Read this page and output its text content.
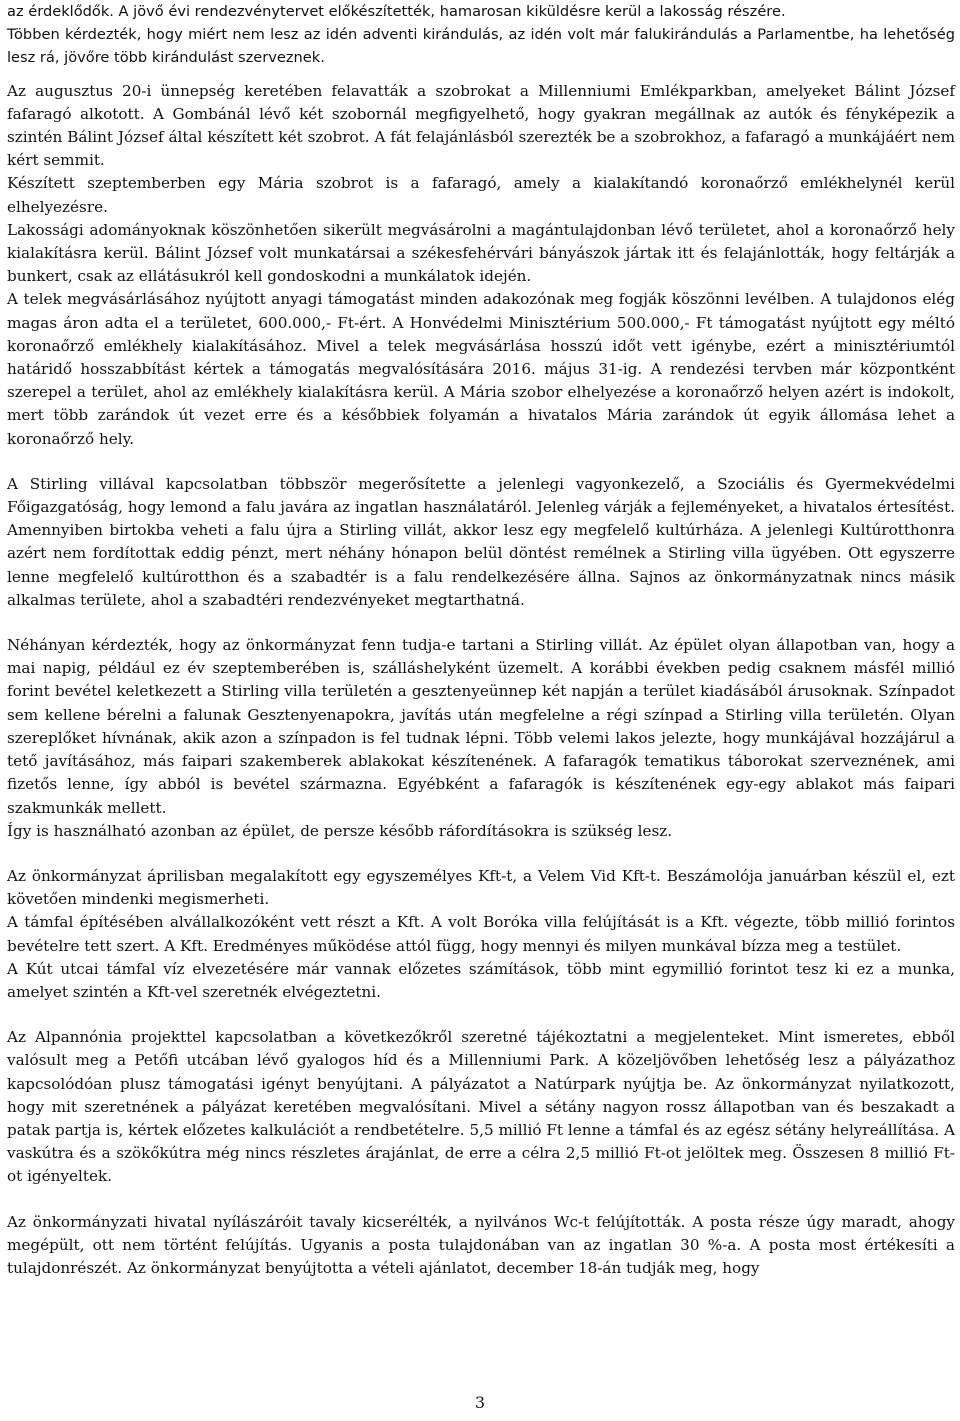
az érdeklődők. A jövő évi rendezvénytervet előkészítették, hamarosan kiküldésre kerül a lakosság részére.

Többen kérdezték, hogy miért nem lesz az idén adventi kirándulás, az idén volt már falukirándulás a Parlamentbe, ha lehetőség lesz rá, jövőre több kirándulást szerveznek.

Az augusztus 20-i ünnepség keretében felavatták a szobrokat a Millenniumi Emlékparkban, amelyeket Bálint József fafaragó alkotott. A Gombánál lévő két szobornál megfigyelhető, hogy gyakran megállnak az autók és fényképezik a szintén Bálint József által készített két szobrot. A fát felajánlásból szerezték be a szobrokhoz, a fafaragó a munkájáért nem kért semmit.

Készített szeptemberben egy Mária szobrot is a fafaragó, amely a kialakítandó koronaőrző emlékhelynél kerül elhelyezésre.

Lakossági adományoknak köszönhetően sikerült megvásárolni a magántulajdonban lévő területet, ahol a koronaőrző hely kialakításra kerül. Bálint József volt munkatársai a székesfehérvári bányászok jártak itt és felajánlották, hogy feltárják a bunkert, csak az ellátásukról kell gondoskodni a munkálatok idején.

A telek megvásárlásához nyújtott anyagi támogatást minden adakozónak meg fogják köszönni levélben. A tulajdonos elég magas áron adta el a területet, 600.000,- Ft-ért. A Honvédelmi Minisztérium 500.000,- Ft támogatást nyújtott egy méltó koronaőrző emlékhely kialakításához. Mivel a telek megvásárlása hosszú időt vett igénybe, ezért a minisztériumtól határidő hosszabbítást kértek a támogatás megvalósítására 2016. május 31-ig. A rendezési tervben már központként szerepel a terület, ahol az emlékhely kialakításra kerül. A Mária szobor elhelyezése a koronaőrző helyen azért is indokolt, mert több zarándok út vezet erre és a későbbiek folyamán a hivatalos Mária zarándok út egyik állomása lehet a koronaőrző hely.

A Stirling villával kapcsolatban többször megerősítette a jelenlegi vagyonkezelő, a Szociális és Gyermekvédelmi Főigazgatóság, hogy lemond a falu javára az ingatlan használatáról. Jelenleg várják a fejleményeket, a hivatalos értesítést. Amennyiben birtokba veheti a falu újra a Stirling villát, akkor lesz egy megfelelő kultúrháza. A jelenlegi Kultúrotthonra azért nem fordítottak eddig pénzt, mert néhány hónapon belül döntést remélnek a Stirling villa ügyében. Ott egyszerre lenne megfelelő kultúrotthon és a szabadtér is a falu rendelkezésére állna. Sajnos az önkormányzatnak nincs másik alkalmas területe, ahol a szabadtéri rendezvényeket megtarthatná.

Néhányan kérdezték, hogy az önkormányzat fenn tudja-e tartani a Stirling villát. Az épület olyan állapotban van, hogy a mai napig, például ez év szeptemberében is, szálláshelyként üzemelt. A korábbi években pedig csaknem másfél millió forint bevétel keletkezett a Stirling villa területén a gesztenyeünnep két napján a terület kiadásából árusoknak. Színpadot sem kellene bérelni a falunak Gesztenyenapokra, javítás után megfelelne a régi színpad a Stirling villa területén. Olyan szereplőket hívnának, akik azon a színpadon is fel tudnak lépni. Több velemi lakos jelezte, hogy munkájával hozzájárul a tető javításához, más faipari szakemberek ablakokat készítenének. A fafaragók tematikus táborokat szerveznének, ami fizetős lenne, így abból is bevétel származna. Egyébként a fafaragók is készítenének egy-egy ablakot más faipari szakmunkák mellett.

Így is használható azonban az épület, de persze később ráfordításokra is szükség lesz.

Az önkormányzat áprilisban megalakított egy egyszemélyes Kft-t, a Velem Vid Kft-t. Beszámolója januárban készül el, ezt követően mindenki megismerheti.

A támfal építésében alvállalkozóként vett részt a Kft. A volt Boróka villa felújítását is a Kft. végezte, több millió forintos bevételre tett szert. A Kft. Eredményes működése attól függ, hogy mennyi és milyen munkával bízza meg a testület.

A Kút utcai támfal víz elvezetésére már vannak előzetes számítások, több mint egymillió forintot tesz ki ez a munka, amelyet szintén a Kft-vel szeretnék elvégeztetni.

Az Alpannónia projekttel kapcsolatban a következőkről szeretné tájékoztatni a megjelenteket. Mint ismeretes, ebből valósult meg a Petőfi utcában lévő gyalogos híd és a Millenniumi Park. A közeljövőben lehetőség lesz a pályázathoz kapcsolódóan plusz támogatási igényt benyújtani. A pályázatot a Natúrpark nyújtja be. Az önkormányzat nyilatkozott, hogy mit szeretnének a pályázat keretében megvalósítani. Mivel a sétány nagyon rossz állapotban van és beszakadt a patak partja is, kértek előzetes kalkulációt a rendbetételre. 5,5 millió Ft lenne a támfal és az egész sétány helyreállítása. A vaskútra és a szökőkútra még nincs részletes árajánlat, de erre a célra 2,5 millió Ft-ot jelöltek meg. Összesen 8 millió Ft-ot igényeltek.

Az önkormányzati hivatal nyílászáróit tavaly kicserélték, a nyilvános Wc-t felújították. A posta része úgy maradt, ahogy megépült, ott nem történt felújítás. Ugyanis a posta tulajdonában van az ingatlan 30 %-a. A posta most értékesíti a tulajdonrészét. Az önkormányzat benyújtotta a vételi ajánlatot, december 18-án tudják meg, hogy

3
